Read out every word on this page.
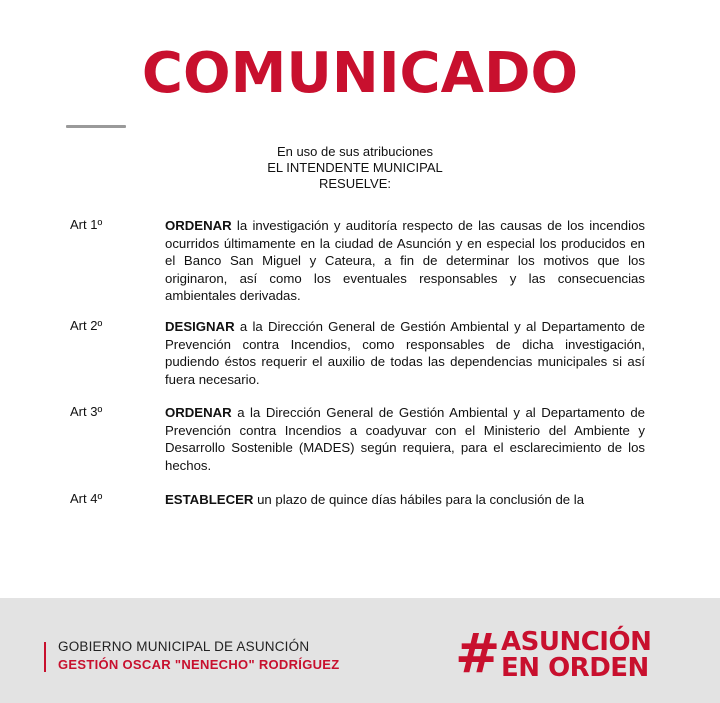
COMUNICADO
En uso de sus atribuciones
EL INTENDENTE MUNICIPAL
RESUELVE:
Art 1º	ORDENAR la investigación y auditoría respecto de las causas de los incendios ocurridos últimamente en la ciudad de Asunción y en especial los producidos en el Banco San Miguel y Cateura, a fin de determinar los motivos que los originaron, así como los eventuales responsables y las consecuencias ambientales derivadas.
Art 2º	DESIGNAR a la Dirección General de Gestión Ambiental y al Departamento de Prevención contra Incendios, como responsables de dicha investigación, pudiendo éstos requerir el auxilio de todas las dependencias municipales si así fuera necesario.
Art 3º	ORDENAR a la Dirección General de Gestión Ambiental y al Departamento de Prevención contra Incendios a coadyuvar con el Ministerio del Ambiente y Desarrollo Sostenible (MADES) según requiera, para el esclarecimiento de los hechos.
Art 4º	ESTABLECER un plazo de quince días hábiles para la conclusión de la
GOBIERNO MUNICIPAL DE ASUNCIÓN
GESTIÓN OSCAR "NENECHO" RODRÍGUEZ # ASUNCIÓN
EN ORDEN
